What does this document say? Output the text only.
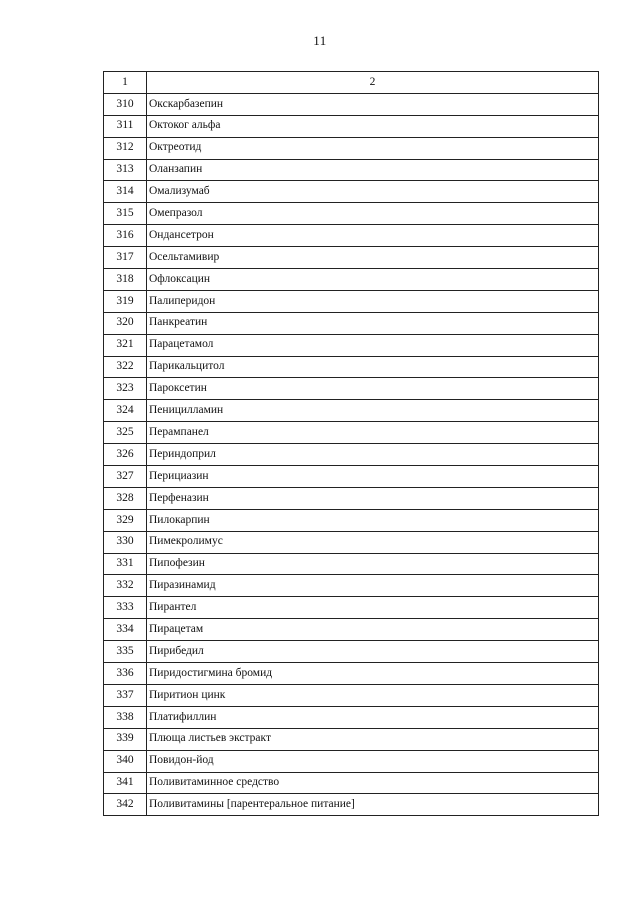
11
1	2
310	Окскарбазепин
311	Октоког альфа
312	Октреотид
313	Оланзапин
314	Омализумаб
315	Омепразол
316	Ондансетрон
317	Осельтамивир
318	Офлоксацин
319	Палиперидон
320	Панкреатин
321	Парацетамол
322	Парикальцитол
323	Пароксетин
324	Пеницилламин
325	Перампанел
326	Периндоприл
327	Перициазин
328	Перфеназин
329	Пилокарпин
330	Пимекролимус
331	Пипофезин
332	Пиразинамид
333	Пирантел
334	Пирацетам
335	Пирибедил
336	Пиридостигмина бромид
337	Пиритион цинк
338	Платифиллин
339	Плюща листьев экстракт
340	Повидон-йод
341	Поливитаминное средство
342	Поливитамины [парентеральное питание]
